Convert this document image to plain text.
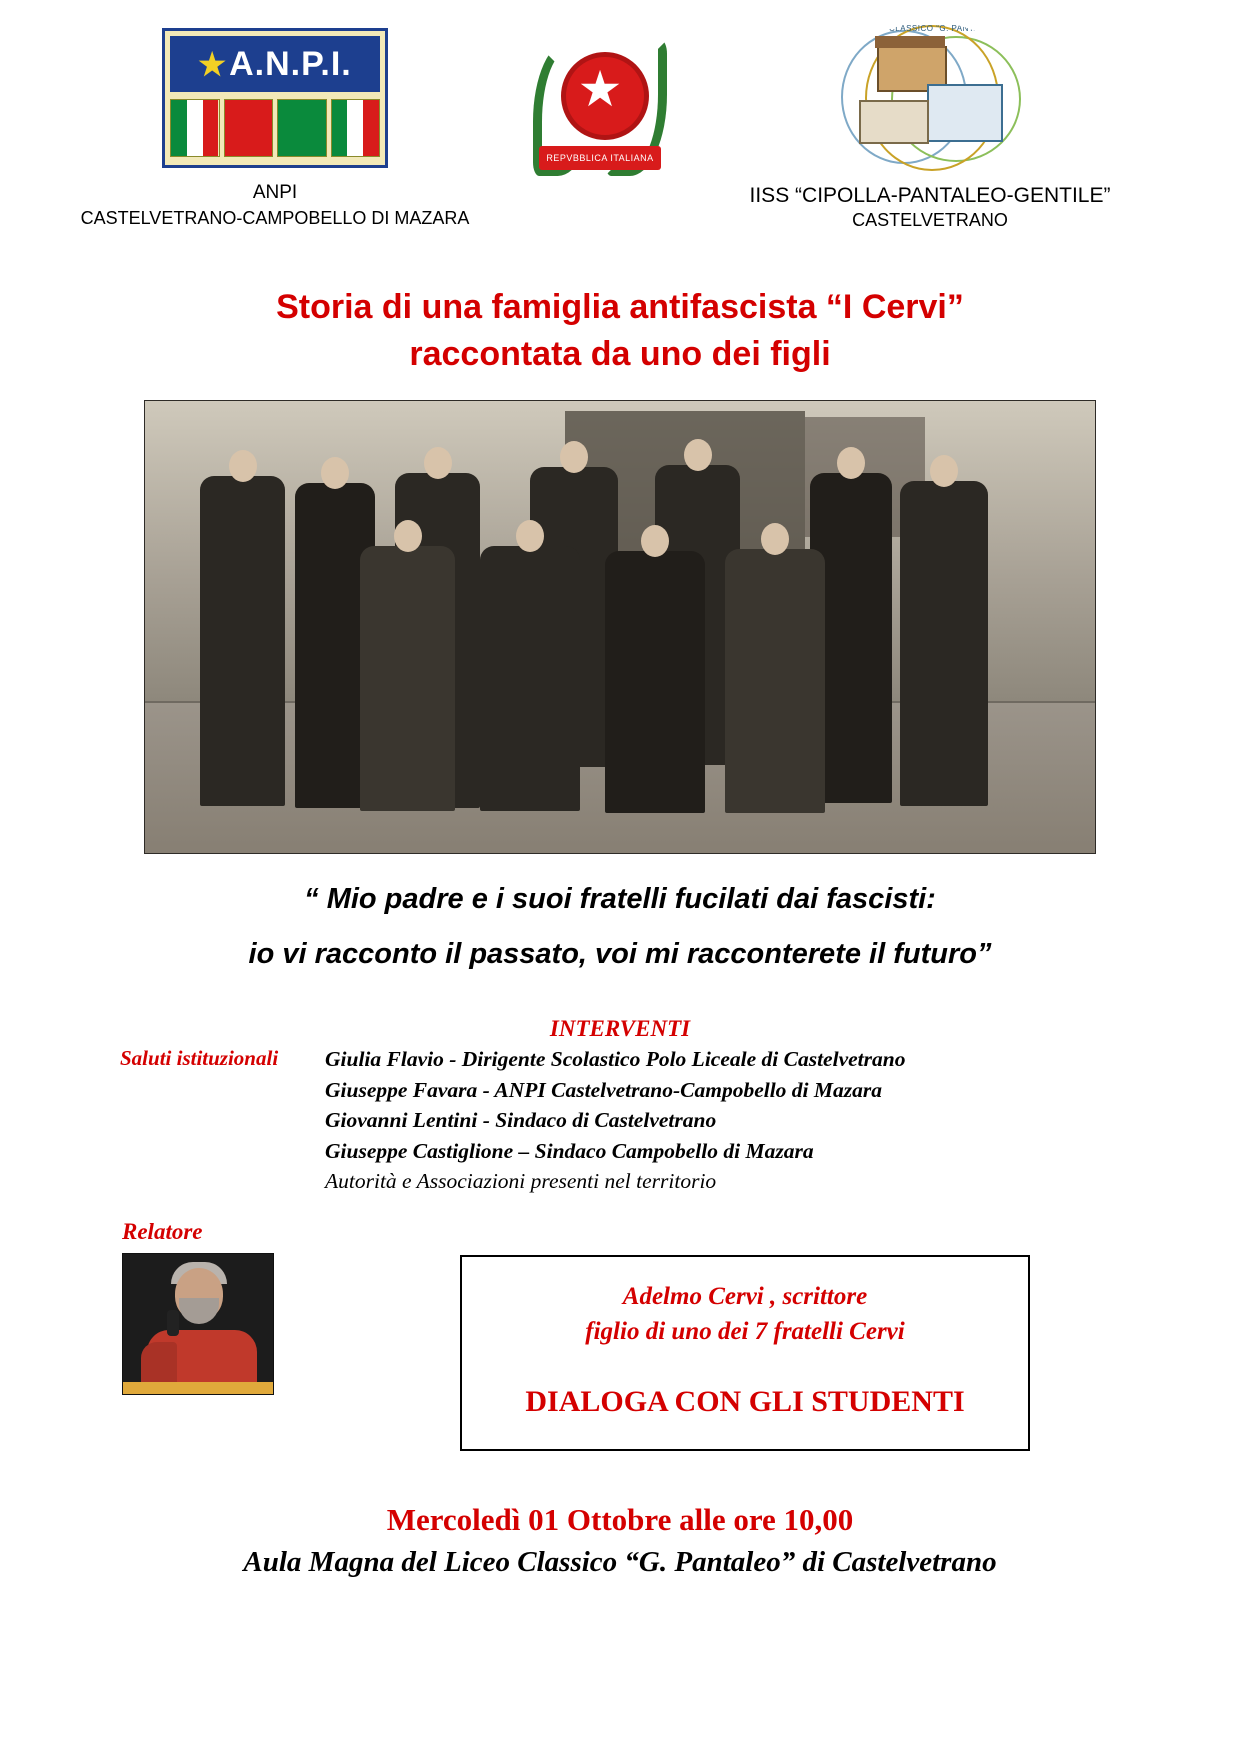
★A.N.P.I.
ANPI
CASTELVETRANO-CAMPOBELLO DI MAZARA
★
REPVBBLICA ITALIANA
LICEO CLASSICO “G. PANTALEO”
IISS “CIPOLLA-PANTALEO-GENTILE”
CASTELVETRANO
Storia di una famiglia antifascista “I Cervi”
raccontata da uno dei figli
“ Mio padre e i suoi fratelli fucilati dai fascisti:
io vi racconto il passato, voi mi racconterete il futuro”
INTERVENTI
Saluti istituzionali	Giulia Flavio - Dirigente Scolastico Polo Liceale di Castelvetrano
Giuseppe Favara - ANPI Castelvetrano-Campobello di Mazara
Giovanni Lentini - Sindaco di Castelvetrano
Giuseppe Castiglione – Sindaco Campobello di Mazara
Autorità e Associazioni presenti nel territorio
Relatore
Adelmo Cervi , scrittore
figlio di uno dei 7 fratelli Cervi
DIALOGA CON GLI STUDENTI
Mercoledì 01 Ottobre alle ore 10,00
Aula Magna del Liceo Classico “G. Pantaleo” di Castelvetrano
